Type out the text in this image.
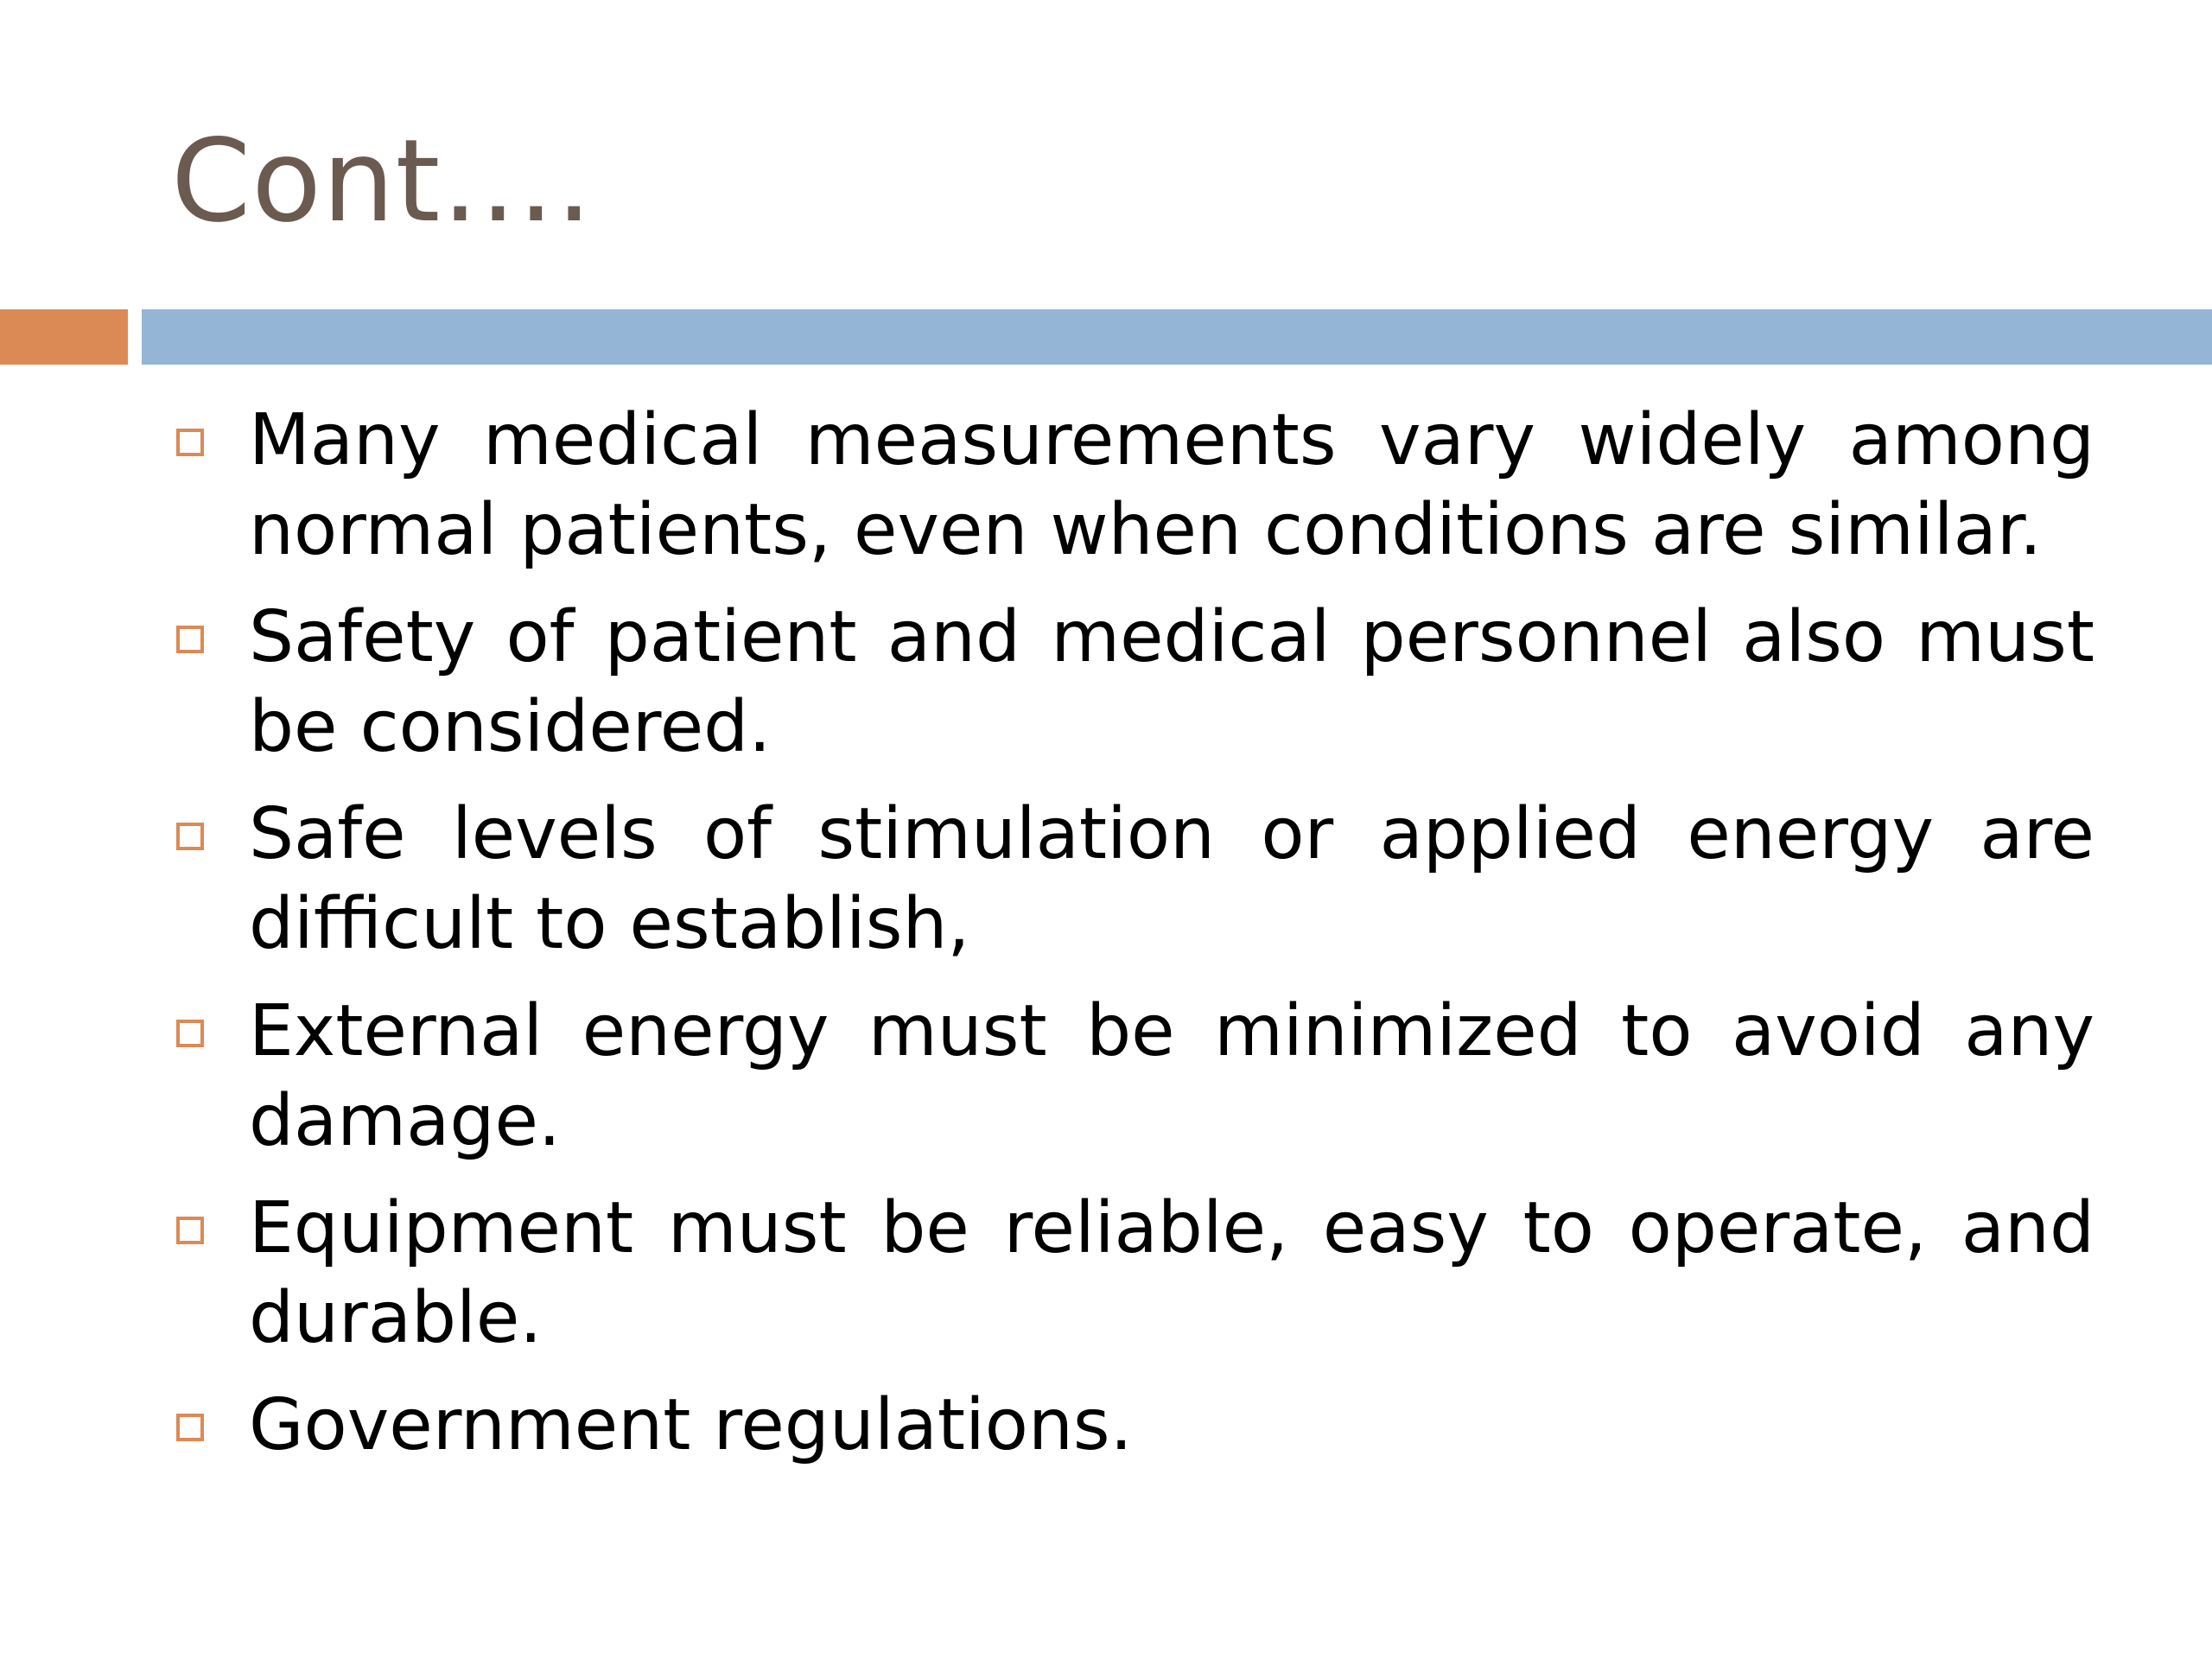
Cont….
Many medical measurements vary widely among normal patients, even when conditions are similar.
Safety of patient and medical personnel also must be considered.
Safe levels of stimulation or applied energy are difficult to establish,
External energy must be minimized to avoid any damage.
Equipment must be reliable, easy to operate, and durable.
Government regulations.
